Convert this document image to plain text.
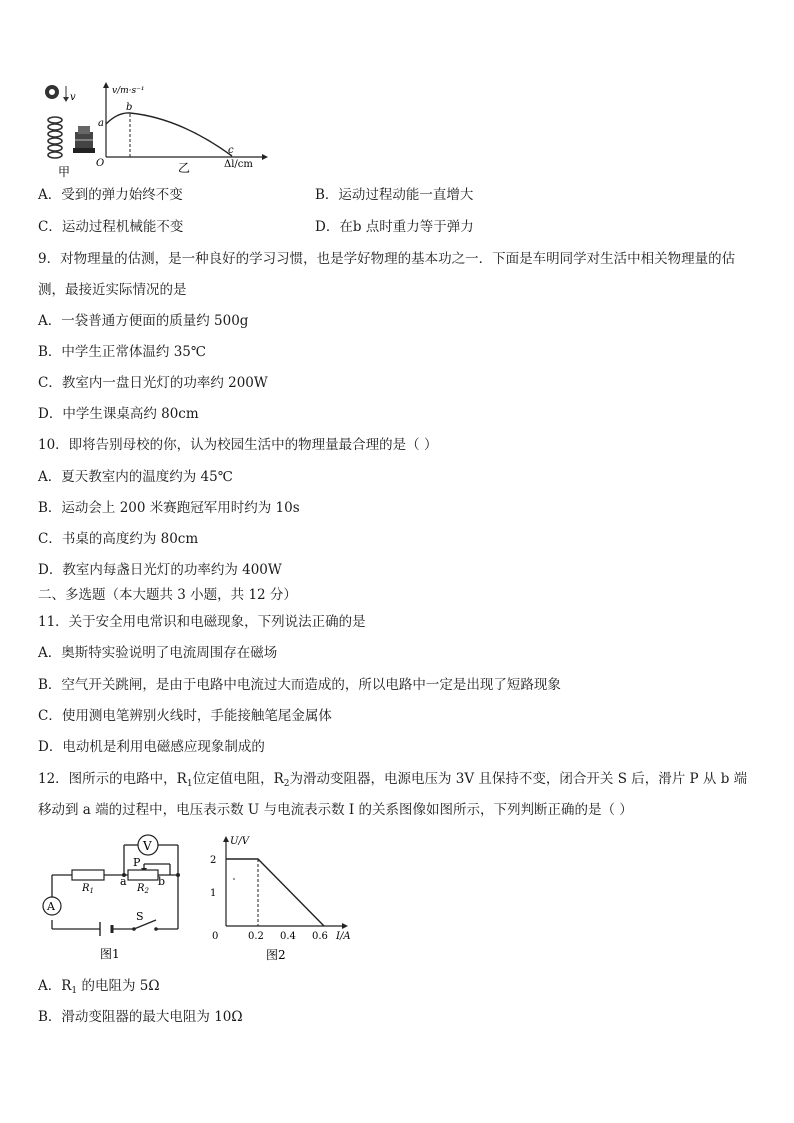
v
甲
v/m·s⁻¹
O
a
b
c
Δl/cm
乙
A．受到的弹力始终不变	B．运动过程动能一直增大
C．运动过程机械能不变	D．在b 点时重力等于弹力
9．对物理量的估测，是一种良好的学习习惯，也是学好物理的基本功之一．下面是车明同学对生活中相关物理量的估
测，最接近实际情况的是
A．一袋普通方便面的质量约 500g
B．中学生正常体温约 35℃
C．教室内一盘日光灯的功率约 200W
D．中学生课桌高约 80cm
10．即将告别母校的你，认为校园生活中的物理量最合理的是（ ）
A．夏天教室内的温度约为 45℃
B．运动会上 200 米赛跑冠军用时约为 10s
C．书桌的高度约为 80cm
D．教室内每盏日光灯的功率约为 400W
二、多选题（本大题共 3 小题，共 12 分）
11．关于安全用电常识和电磁现象，下列说法正确的是
A．奥斯特实验说明了电流周围存在磁场
B．空气开关跳闸，是由于电路中电流过大而造成的，所以电路中一定是出现了短路现象
C．使用测电笔辨别火线时，手能接触笔尾金属体
D．电动机是利用电磁感应现象制成的
12．图所示的电路中，$R_1$位定值电阻，$R_2$为滑动变阻器，电源电压为 3V 且保持不变，闭合开关 S 后，滑片 P 从 b 端
移动到 a 端的过程中，电压表示数 U 与电流表示数 I 的关系图像如图所示，下列判断正确的是（ ）
V
A
S
$R_1$	$R_2$
P
a	b
图1
U/V
I/A
2
1
0	0.2 0.4 0.6
图2
A．$R_1$ 的电阻为 5Ω
B．滑动变阻器的最大电阻为 10Ω
